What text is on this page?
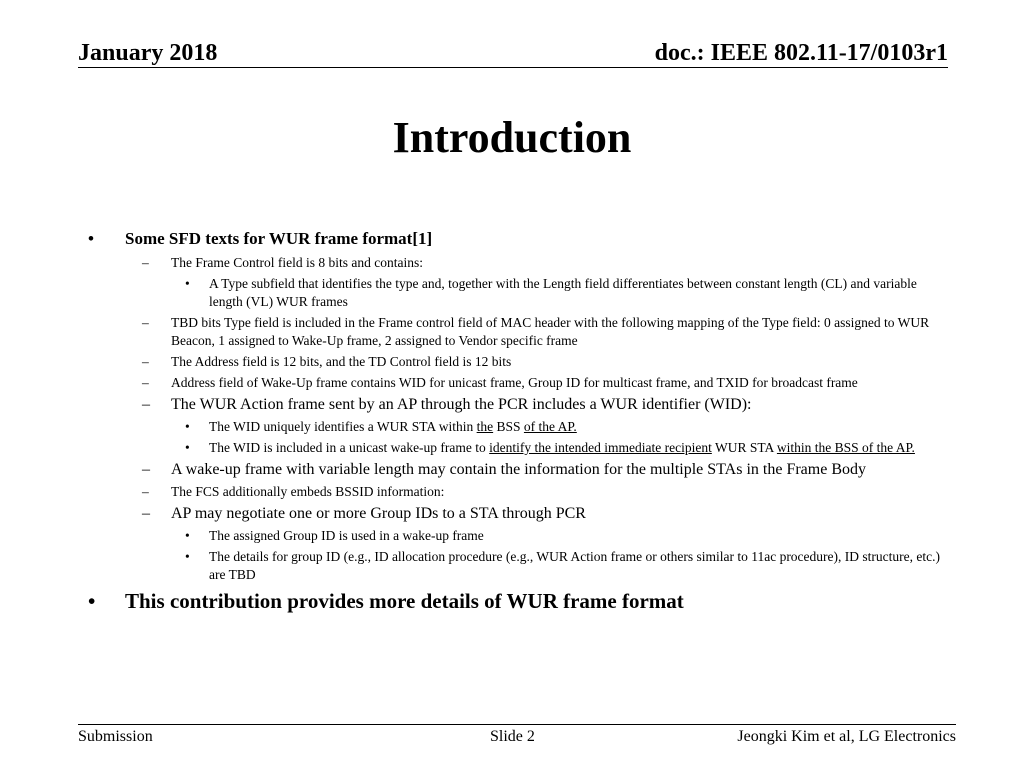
January 2018	doc.: IEEE 802.11-17/0103r1
Introduction
• Some SFD texts for WUR frame format[1]
– The Frame Control field is 8 bits and contains:
• A Type subfield that identifies the type and, together with the Length field differentiates between constant length (CL) and variable length (VL) WUR frames
– TBD bits Type field is included in the Frame control field of MAC header with the following mapping of the Type field: 0 assigned to WUR Beacon, 1 assigned to Wake-Up frame, 2 assigned to Vendor specific frame
– The Address field is 12 bits, and the TD Control field is 12 bits
– Address field of Wake-Up frame contains WID for unicast frame, Group ID for multicast frame, and TXID for broadcast frame
– The WUR Action frame sent by an AP through the PCR includes a WUR identifier (WID):
• The WID uniquely identifies a WUR STA within the BSS of the AP.
• The WID is included in a unicast wake-up frame to identify the intended immediate recipient WUR STA within the BSS of the AP.
– A wake-up frame with variable length may contain the information for the multiple STAs in the Frame Body
– The FCS additionally embeds BSSID information:
– AP may negotiate one or more Group IDs to a STA through PCR
• The assigned Group ID is used in a wake-up frame
• The details for group ID (e.g., ID allocation procedure (e.g., WUR Action frame or others similar to 11ac procedure), ID structure, etc.) are TBD
• This contribution provides more details of WUR frame format
Submission	Slide 2	Jeongki Kim et al, LG Electronics
